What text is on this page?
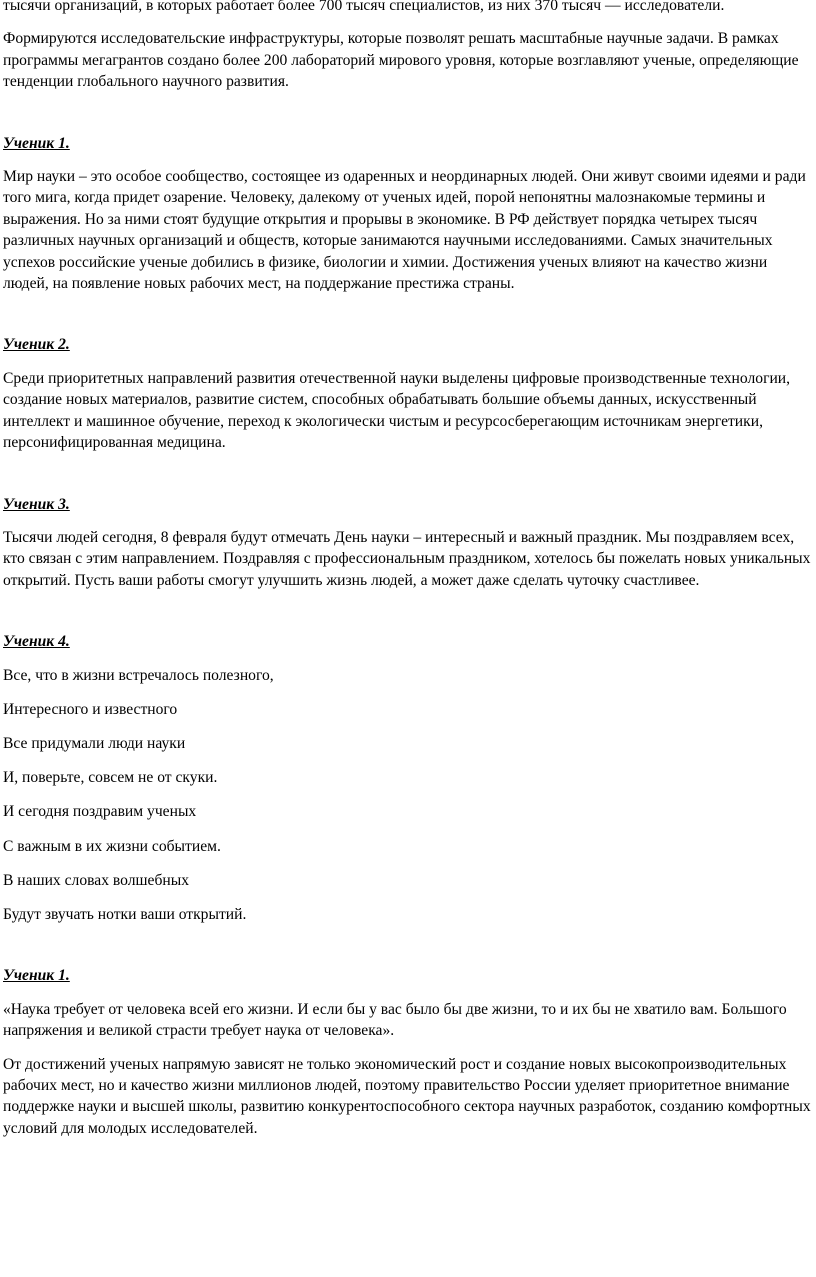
тысячи организаций, в которых работает более 700 тысяч специалистов, из них 370 тысяч — исследователи.

Формируются исследовательские инфраструктуры, которые позволят решать масштабные научные задачи. В рамках программы мегагрантов создано более 200 лабораторий мирового уровня, которые возглавляют ученые, определяющие тенденции глобального научного развития.

Ученик 1.

Мир науки – это особое сообщество, состоящее из одаренных и неординарных людей. Они живут своими идеями и ради того мига, когда придет озарение. Человеку, далекому от ученых идей, порой непонятны малознакомые термины и выражения. Но за ними стоят будущие открытия и прорывы в экономике. В РФ действует порядка четырех тысяч различных научных организаций и обществ, которые занимаются научными исследованиями. Самых значительных успехов российские ученые добились в физике, биологии и химии. Достижения ученых влияют на качество жизни людей, на появление новых рабочих мест, на поддержание престижа страны.

Ученик 2.

Среди приоритетных направлений развития отечественной науки выделены цифровые производственные технологии, создание новых материалов, развитие систем, способных обрабатывать большие объемы данных, искусственный интеллект и машинное обучение, переход к экологически чистым и ресурсосберегающим источникам энергетики, персонифицированная медицина.

Ученик 3.

Тысячи людей сегодня, 8 февраля будут отмечать День науки – интересный и важный праздник. Мы поздравляем всех, кто связан с этим направлением. Поздравляя с профессиональным праздником, хотелось бы пожелать новых уникальных открытий. Пусть ваши работы смогут улучшить жизнь людей, а может даже сделать чуточку счастливее.

Ученик 4.

Все, что в жизни встречалось полезного,

Интересного и известного

Все придумали люди науки

И, поверьте, совсем не от скуки.

И сегодня поздравим ученых

С важным в их жизни событием.

В наших словах волшебных

Будут звучать нотки ваши открытий.

Ученик 1.

«Наука требует от человека всей его жизни. И если бы у вас было бы две жизни, то и их бы не хватило вам. Большого напряжения и великой страсти требует наука от человека».

От достижений ученых напрямую зависят не только экономический рост и создание новых высокопроизводительных рабочих мест, но и качество жизни миллионов людей, поэтому правительство России уделяет приоритетное внимание поддержке науки и высшей школы, развитию конкурентоспособного сектора научных разработок, созданию комфортных условий для молодых исследователей.
